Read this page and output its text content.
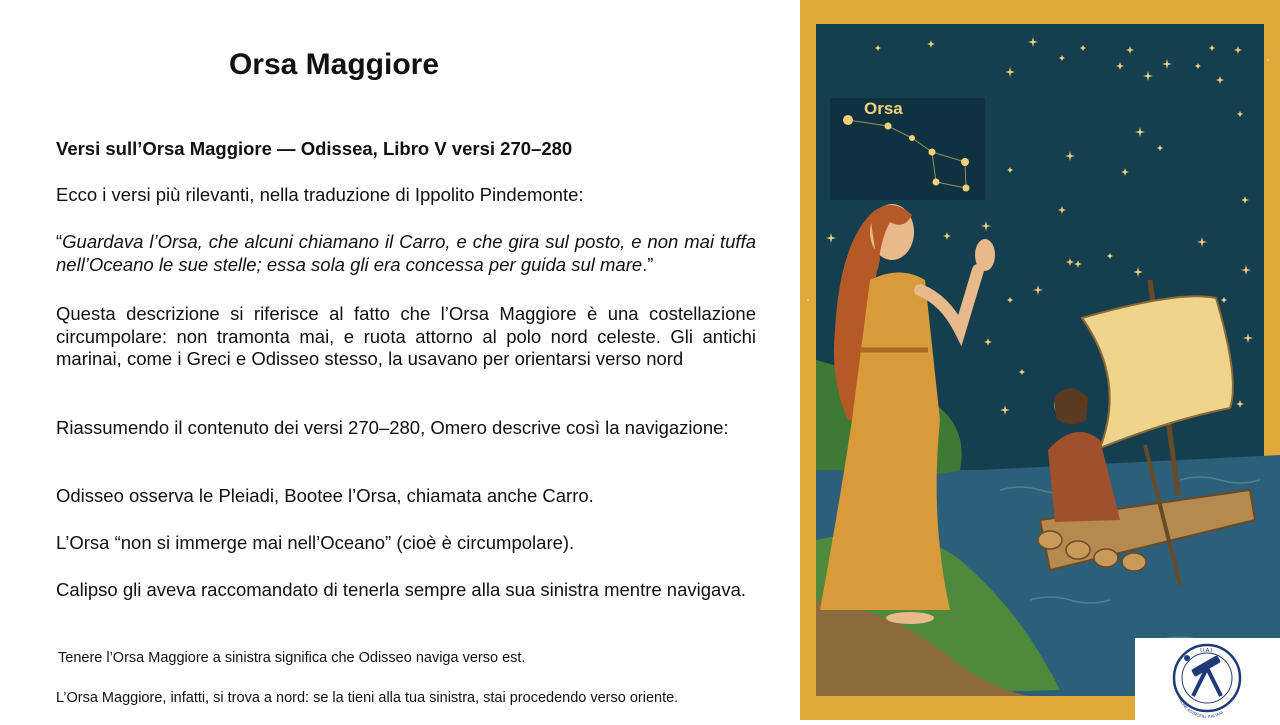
Orsa Maggiore

Versi sull’Orsa Maggiore — Odissea, Libro V versi 270–280

Ecco i versi più rilevanti, nella traduzione di Ippolito Pindemonte:

“Guardava l’Orsa, che alcuni chiamano il Carro, e che gira sul posto, e non mai tuffa nell’Oceano le sue stelle; essa sola gli era concessa per guida sul mare.”

Questa descrizione si riferisce al fatto che l’Orsa Maggiore è una costellazione circumpolare: non tramonta mai, e ruota attorno al polo nord celeste. Gli antichi marinai, come i Greci e Odisseo stesso, la usavano per orientarsi verso nord

Riassumendo il contenuto dei versi 270–280, Omero descrive così la navigazione:

Odisseo osserva le Pleiadi, Bootee l’Orsa, chiamata anche Carro.

L’Orsa “non si immerge mai nell’Oceano” (cioè è circumpolare).

Calipso gli aveva raccomandato di tenerla sempre alla sua sinistra mentre navigava.

Tenere l’Orsa Maggiore a sinistra significa che Odisseo naviga verso est.

L’Orsa Maggiore, infatti, si trova a nord: se la tieni alla tua sinistra, stai procedendo verso oriente.

Orsa
U.A.I.
UNIONE ASTROFILI ITALIANI
